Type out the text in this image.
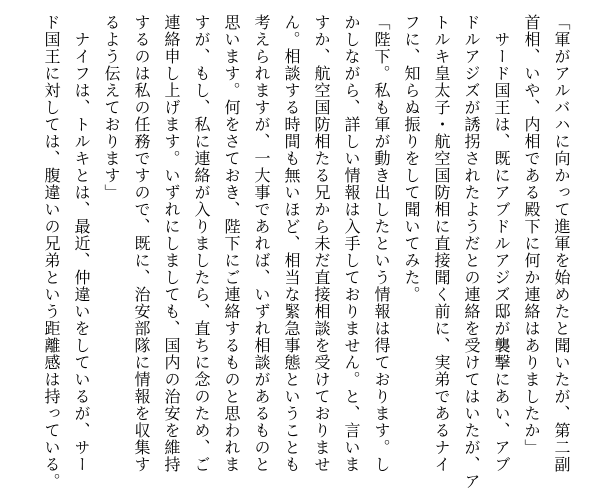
「軍がアルバハに向かって進軍を始めたと聞いたが、第二副
首相、いや、内相である殿下に何か連絡はありましたか」
　サード国王は、既にアブドルアジズ邸が襲撃にあい、アブ
ドルアジズが誘拐されたようだとの連絡を受けてはいたが、ア
トルキ皇太子・航空国防相に直接聞く前に、実弟であるナイ
フに、知らぬ振りをして聞いてみた。
「陛下。私も軍が動き出したという情報は得ております。し
かしながら、詳しい情報は入手しておりません。と、言いま
すか、航空国防相たる兄から未だ直接相談を受けておりませ
ん。相談する時間も無いほど、相当な緊急事態ということも
考えられますが、一大事であれば、いずれ相談があるものと
思います。何をさておき、陛下にご連絡するものと思われま
すが、もし、私に連絡が入りましたら、直ちに念のため、ご
連絡申し上げます。いずれにしましても、国内の治安を維持
するのは私の任務ですので、既に、治安部隊に情報を収集す
るよう伝えております」
　ナイフは、トルキとは、最近、仲違いをしているが、サー
ド国王に対しては、腹違いの兄弟という距離感は持っている。
